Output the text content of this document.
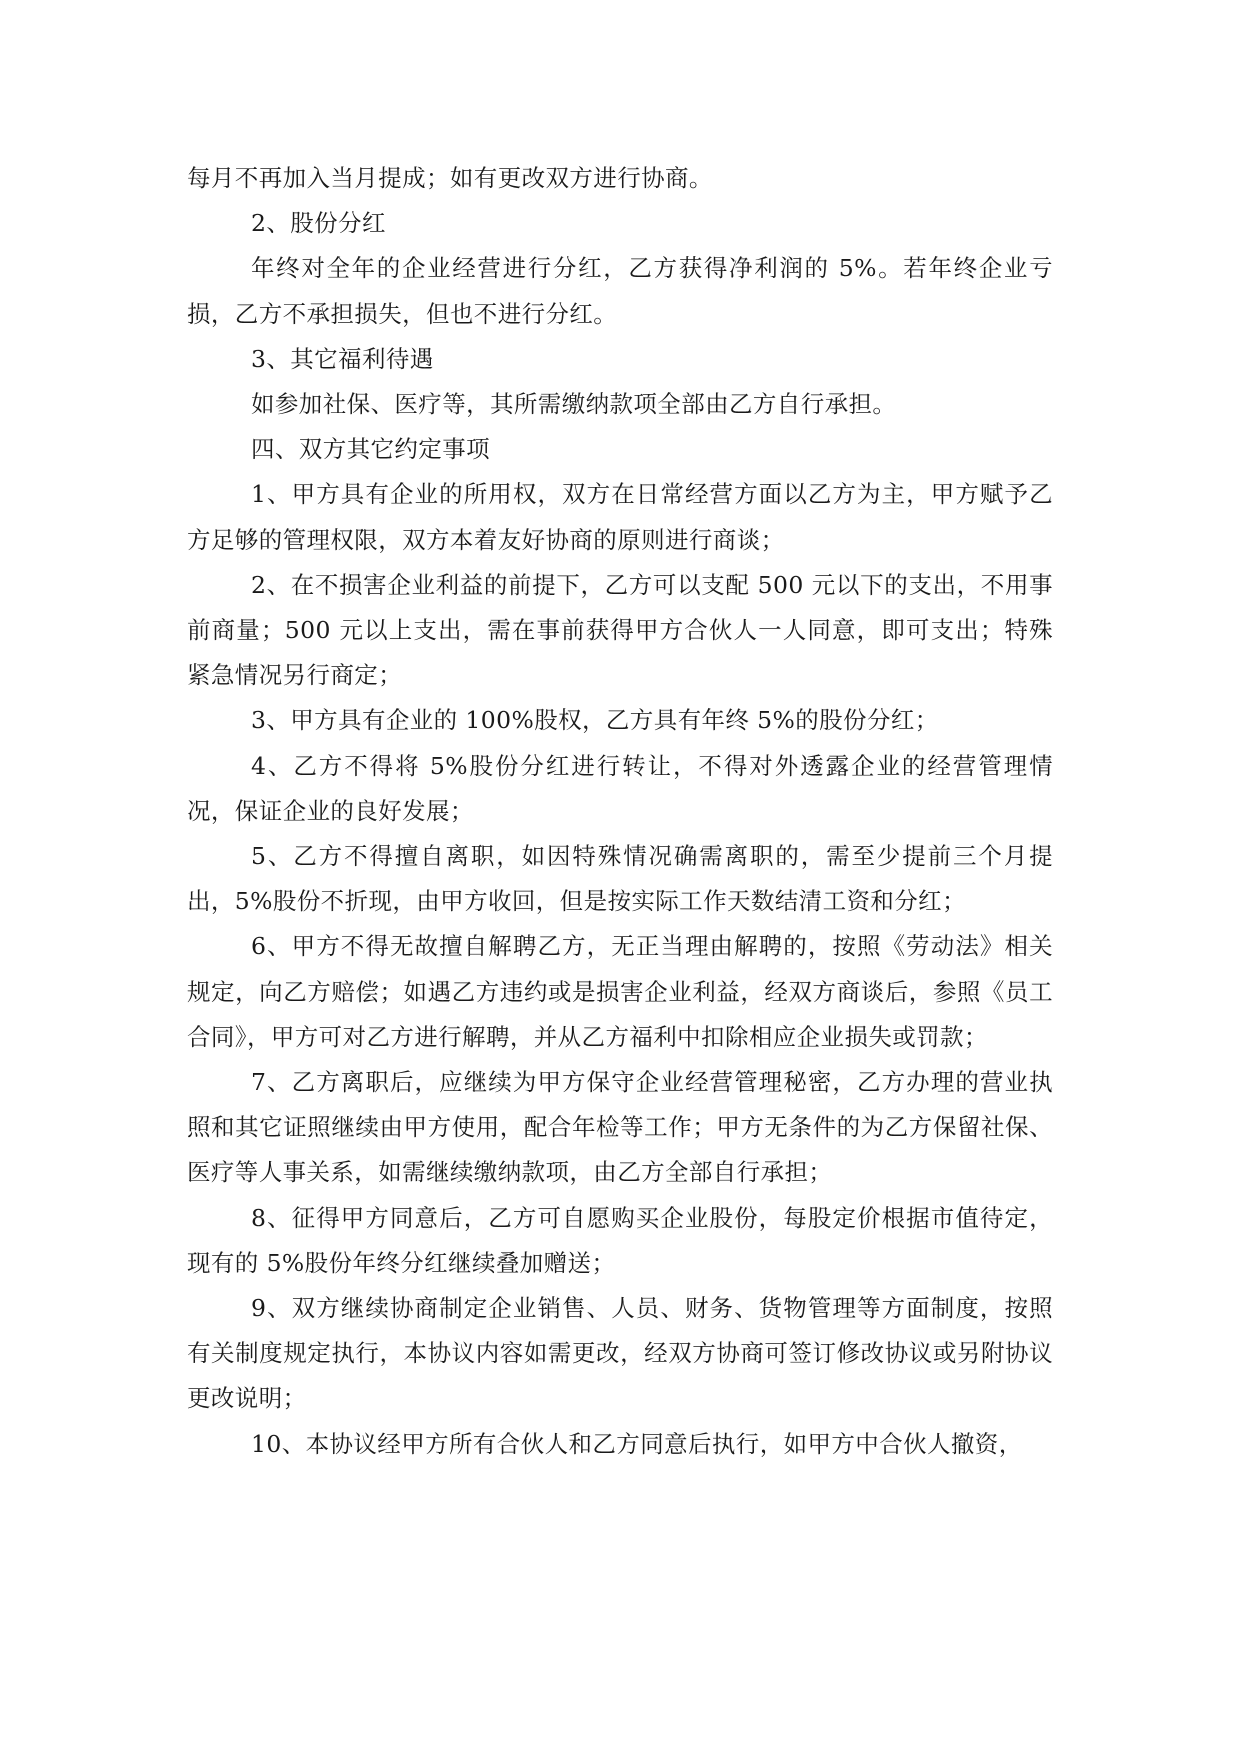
每月不再加入当月提成；如有更改双方进行协商。

2、股份分红

年终对全年的企业经营进行分红，乙方获得净利润的 5%。若年终企业亏损，乙方不承担损失，但也不进行分红。

3、其它福利待遇

如参加社保、医疗等，其所需缴纳款项全部由乙方自行承担。

四、双方其它约定事项

1、甲方具有企业的所用权，双方在日常经营方面以乙方为主，甲方赋予乙方足够的管理权限，双方本着友好协商的原则进行商谈；

2、在不损害企业利益的前提下，乙方可以支配 500 元以下的支出，不用事前商量；500 元以上支出，需在事前获得甲方合伙人一人同意，即可支出；特殊紧急情况另行商定；

3、甲方具有企业的 100%股权，乙方具有年终 5%的股份分红；

4、乙方不得将 5%股份分红进行转让，不得对外透露企业的经营管理情况，保证企业的良好发展；

5、乙方不得擅自离职，如因特殊情况确需离职的，需至少提前三个月提出，5%股份不折现，由甲方收回，但是按实际工作天数结清工资和分红；

6、甲方不得无故擅自解聘乙方，无正当理由解聘的，按照《劳动法》相关规定，向乙方赔偿；如遇乙方违约或是损害企业利益，经双方商谈后，参照《员工合同》，甲方可对乙方进行解聘，并从乙方福利中扣除相应企业损失或罚款；

7、乙方离职后，应继续为甲方保守企业经营管理秘密，乙方办理的营业执照和其它证照继续由甲方使用，配合年检等工作；甲方无条件的为乙方保留社保、医疗等人事关系，如需继续缴纳款项，由乙方全部自行承担；

8、征得甲方同意后，乙方可自愿购买企业股份，每股定价根据市值待定，现有的 5%股份年终分红继续叠加赠送；

9、双方继续协商制定企业销售、人员、财务、货物管理等方面制度，按照有关制度规定执行，本协议内容如需更改，经双方协商可签订修改协议或另附协议更改说明；

10、本协议经甲方所有合伙人和乙方同意后执行，如甲方中合伙人撤资，
